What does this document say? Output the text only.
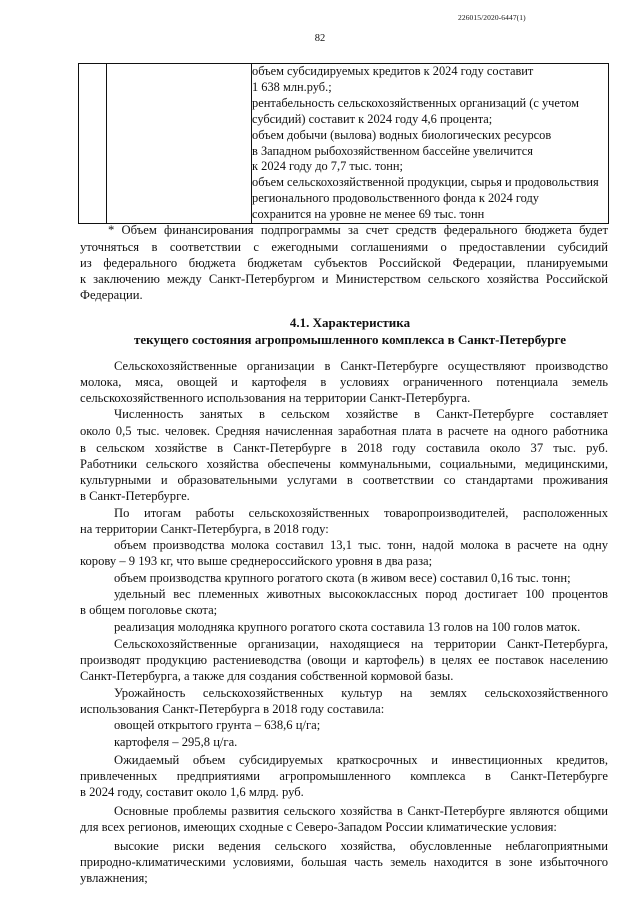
226015/2020-6447(1)
82

объем субсидируемых кредитов к 2024 году составит
1 638 млн.руб.;
рентабельность сельскохозяйственных организаций (с учетом
субсидий) составит к 2024 году 4,6 процента;
объем добычи (вылова) водных биологических ресурсов
в Западном рыбохозяйственном бассейне увеличится
к 2024 году до 7,7 тыс. тонн;
объем сельскохозяйственной продукции, сырья и продовольствия
регионального продовольственного фонда к 2024 году
сохранится на уровне не менее 69 тыс. тонн
* Объем финансирования подпрограммы за счет средств федерального бюджета будет
уточняться в соответствии с ежегодными соглашениями о предоставлении субсидий
из федерального бюджета бюджетам субъектов Российской Федерации, планируемыми
к заключению между Санкт-Петербургом и Министерством сельского хозяйства Российской
Федерации.
4.1. Характеристика
текущего состояния агропромышленного комплекса в Санкт-Петербурге
Сельскохозяйственные организации в Санкт-Петербурге осуществляют производство
молока, мяса, овощей и картофеля в условиях ограниченного потенциала земель
сельскохозяйственного использования на территории Санкт-Петербурга.
Численность занятых в сельском хозяйстве в Санкт-Петербурге составляет
около 0,5 тыс. человек. Средняя начисленная заработная плата в расчете на одного работника
в сельском хозяйстве в Санкт-Петербурге в 2018 году составила около 37 тыс. руб.
Работники сельского хозяйства обеспечены коммунальными, социальными, медицинскими,
культурными и образовательными услугами в соответствии со стандартами проживания
в Санкт-Петербурге.
По итогам работы сельскохозяйственных товаропроизводителей, расположенных
на территории Санкт-Петербурга, в 2018 году:
объем производства молока составил 13,1 тыс. тонн, надой молока в расчете на одну
корову – 9 193 кг, что выше среднероссийского уровня в два раза;
объем производства крупного рогатого скота (в живом весе) составил 0,16 тыс. тонн;
удельный вес племенных животных высококлассных пород достигает 100 процентов
в общем поголовье скота;
реализация молодняка крупного рогатого скота составила 13 голов на 100 голов маток.
Сельскохозяйственные организации, находящиеся на территории Санкт-Петербурга,
производят продукцию растениеводства (овощи и картофель) в целях ее поставок населению
Санкт-Петербурга, а также для создания собственной кормовой базы.
Урожайность сельскохозяйственных культур на землях сельскохозяйственного
использования Санкт-Петербурга в 2018 году составила:
овощей открытого грунта – 638,6 ц/га;
картофеля – 295,8 ц/га.
Ожидаемый объем субсидируемых краткосрочных и инвестиционных кредитов,
привлеченных предприятиями агропромышленного комплекса в Санкт-Петербурге
в 2024 году, составит около 1,6 млрд. руб.
Основные проблемы развития сельского хозяйства в Санкт-Петербурге являются общими
для всех регионов, имеющих сходные с Северо-Западом России климатические условия:
высокие риски ведения сельского хозяйства, обусловленные неблагоприятными
природно-климатическими условиями, большая часть земель находится в зоне избыточного
увлажнения;
